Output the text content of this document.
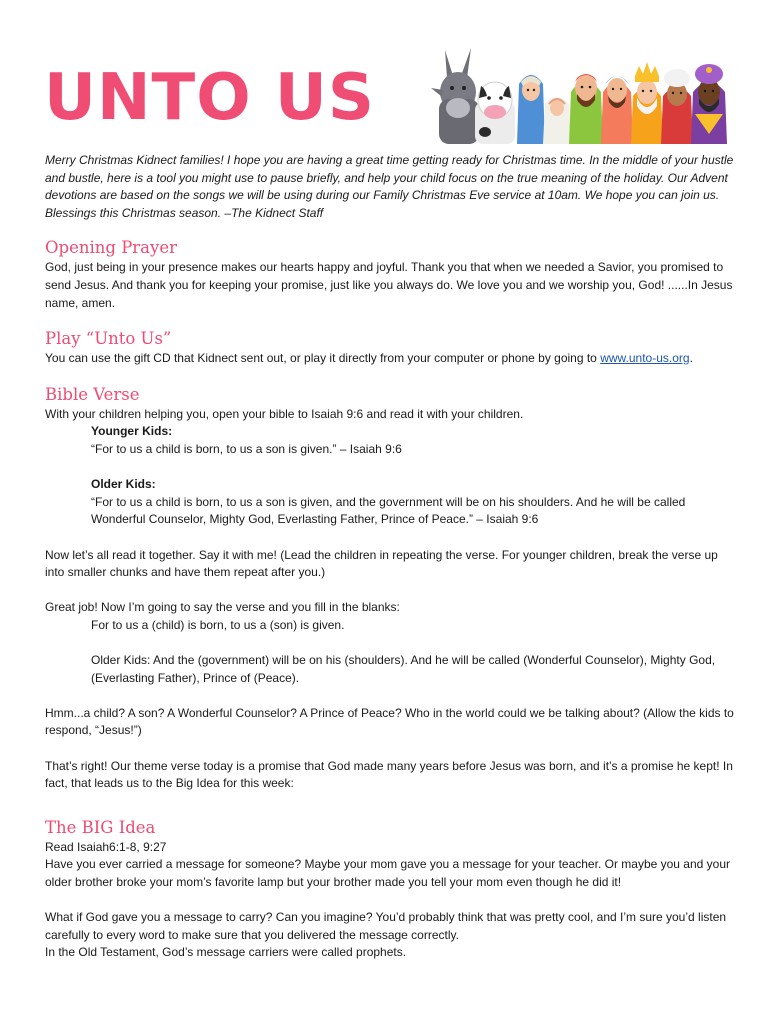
UNTO US

Merry Christmas Kidnect families! I hope you are having a great time getting ready for Christmas time. In the middle of your hustle and bustle, here is a tool you might use to pause briefly, and help your child focus on the true meaning of the holiday. Our Advent devotions are based on the songs we will be using during our Family Christmas Eve service at 10am. We hope you can join us. Blessings this Christmas season. –The Kidnect Staff

Opening Prayer

God, just being in your presence makes our hearts happy and joyful. Thank you that when we needed a Savior, you promised to send Jesus. And thank you for keeping your promise, just like you always do. We love you and we worship you, God! ......In Jesus name, amen.

Play “Unto Us”

You can use the gift CD that Kidnect sent out, or play it directly from your computer or phone by going to www.unto-us.org.

Bible Verse

With your children helping you, open your bible to Isaiah 9:6 and read it with your children.

Younger Kids:

“For to us a child is born, to us a son is given.” – Isaiah 9:6

Older Kids:

“For to us a child is born, to us a son is given, and the government will be on his shoulders. And he will be called Wonderful Counselor, Mighty God, Everlasting Father, Prince of Peace.” – Isaiah 9:6

Now let’s all read it together. Say it with me! (Lead the children in repeating the verse. For younger children, break the verse up into smaller chunks and have them repeat after you.)

Great job! Now I’m going to say the verse and you fill in the blanks:

For to us a (child) is born, to us a (son) is given.

Older Kids: And the (government) will be on his (shoulders). And he will be called (Wonderful Counselor), Mighty God, (Everlasting Father), Prince of (Peace).

Hmm...a child? A son? A Wonderful Counselor? A Prince of Peace? Who in the world could we be talking about? (Allow the kids to respond, “Jesus!”)

That’s right! Our theme verse today is a promise that God made many years before Jesus was born, and it’s a promise he kept! In fact, that leads us to the Big Idea for this week:

The BIG Idea

Read Isaiah6:1-8, 9:27

Have you ever carried a message for someone? Maybe your mom gave you a message for your teacher. Or maybe you and your older brother broke your mom’s favorite lamp but your brother made you tell your mom even though he did it!

What if God gave you a message to carry? Can you imagine? You’d probably think that was pretty cool, and I’m sure you’d listen carefully to every word to make sure that you delivered the message correctly.

In the Old Testament, God’s message carriers were called prophets.
